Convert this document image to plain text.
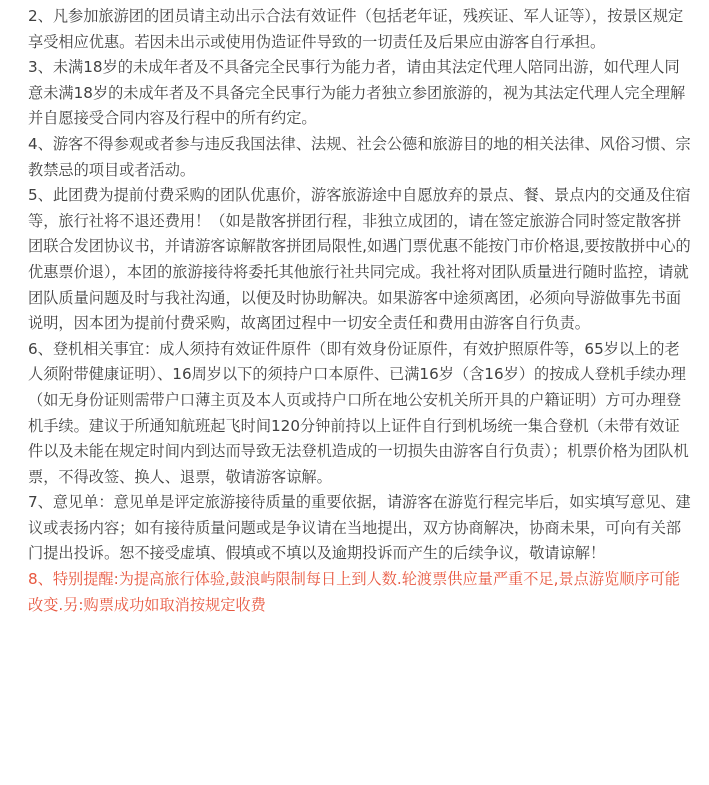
2、凡参加旅游团的团员请主动出示合法有效证件（包括老年证，残疾证、军人证等），按景区规定享受相应优惠。若因未出示或使用伪造证件导致的一切责任及后果应由游客自行承担。

3、未满18岁的未成年者及不具备完全民事行为能力者，请由其法定代理人陪同出游，如代理人同意未满18岁的未成年者及不具备完全民事行为能力者独立参团旅游的，视为其法定代理人完全理解并自愿接受合同内容及行程中的所有约定。

4、游客不得参观或者参与违反我国法律、法规、社会公德和旅游目的地的相关法律、风俗习惯、宗教禁忌的项目或者活动。

5、此团费为提前付费采购的团队优惠价，游客旅游途中自愿放弃的景点、餐、景点内的交通及住宿等，旅行社将不退还费用！（如是散客拼团行程，非独立成团的，请在签定旅游合同时签定散客拼团联合发团协议书，并请游客谅解散客拼团局限性,如遇门票优惠不能按门市价格退,要按散拼中心的优惠票价退），本团的旅游接待将委托其他旅行社共同完成。我社将对团队质量进行随时监控，请就团队质量问题及时与我社沟通，以便及时协助解决。如果游客中途须离团，必须向导游做事先书面说明，因本团为提前付费采购，故离团过程中一切安全责任和费用由游客自行负责。

6、登机相关事宜：成人须持有效证件原件（即有效身份证原件，有效护照原件等，65岁以上的老人须附带健康证明）、16周岁以下的须持户口本原件、已满16岁（含16岁）的按成人登机手续办理（如无身份证则需带户口薄主页及本人页或持户口所在地公安机关所开具的户籍证明）方可办理登机手续。建议于所通知航班起飞时间120分钟前持以上证件自行到机场统一集合登机（未带有效证件以及未能在规定时间内到达而导致无法登机造成的一切损失由游客自行负责）；机票价格为团队机票，不得改签、换人、退票，敬请游客谅解。

7、意见单：意见单是评定旅游接待质量的重要依据，请游客在游览行程完毕后，如实填写意见、建议或表扬内容；如有接待质量问题或是争议请在当地提出，双方协商解决，协商未果，可向有关部门提出投诉。恕不接受虚填、假填或不填以及逾期投诉而产生的后续争议，敬请谅解！

8、特别提醒:为提高旅行体验,鼓浪屿限制每日上到人数.轮渡票供应量严重不足,景点游览顺序可能改变.另:购票成功如取消按规定收费
